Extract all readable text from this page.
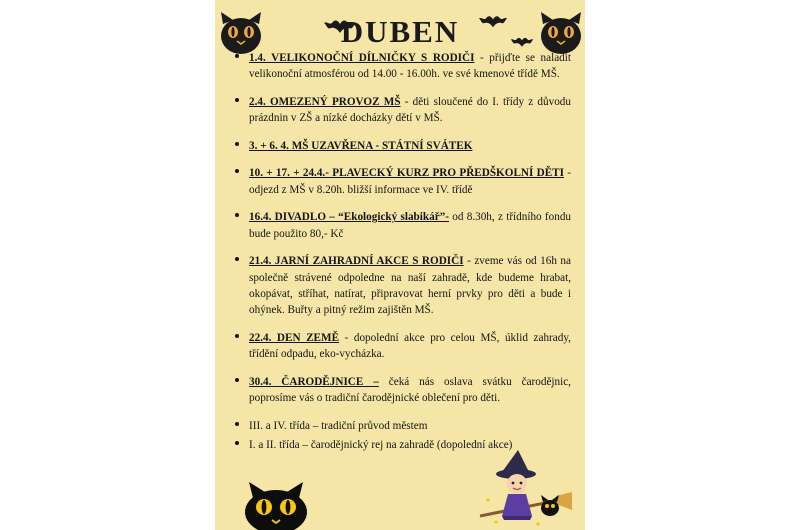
DUBEN
1.4. VELIKONOČNÍ DÍLNIČKY S RODIČI - přijďte se naladit velikonoční atmosférou od 14.00 - 16.00h. ve své kmenové třídě MŠ.
2.4. OMEZENÝ PROVOZ MŠ - děti sloučené do I. třídy z důvodu prázdnin v ZŠ a nízké docházky dětí v MŠ.
3. + 6. 4. MŠ UZAVŘENA - STÁTNÍ SVÁTEK
10. + 17. + 24.4.- PLAVECKÝ KURZ PRO PŘEDŠKOLNÍ DĚTI - odjezd z MŠ v 8.20h. bližší informace ve IV. třídě
16.4. DIVADLO – “Ekologický slabikář”- od 8.30h, z třídního fondu bude použito 80,- Kč
21.4. JARNÍ ZAHRADNÍ AKCE S RODIČI - zveme vás od 16h na společně strávené odpoledne na naší zahradě, kde budeme hrabat, okopávat, stříhat, natírat, připravovat herní prvky pro děti a bude i ohýnek. Buřty a pitný režim zajištěn MŠ.
22.4. DEN ZEMĚ - dopolední akce pro celou MŠ, úklid zahrady, třídění odpadu, eko-vycházka.
30.4. ČARODĚJNICE – čeká nás oslava svátku čarodějnic, poprosíme vás o tradiční čarodějnické oblečení pro děti.
III. a IV. třída – tradiční průvod městem
I. a II. třída – čarodějnický rej na zahradě (dopolední akce)
